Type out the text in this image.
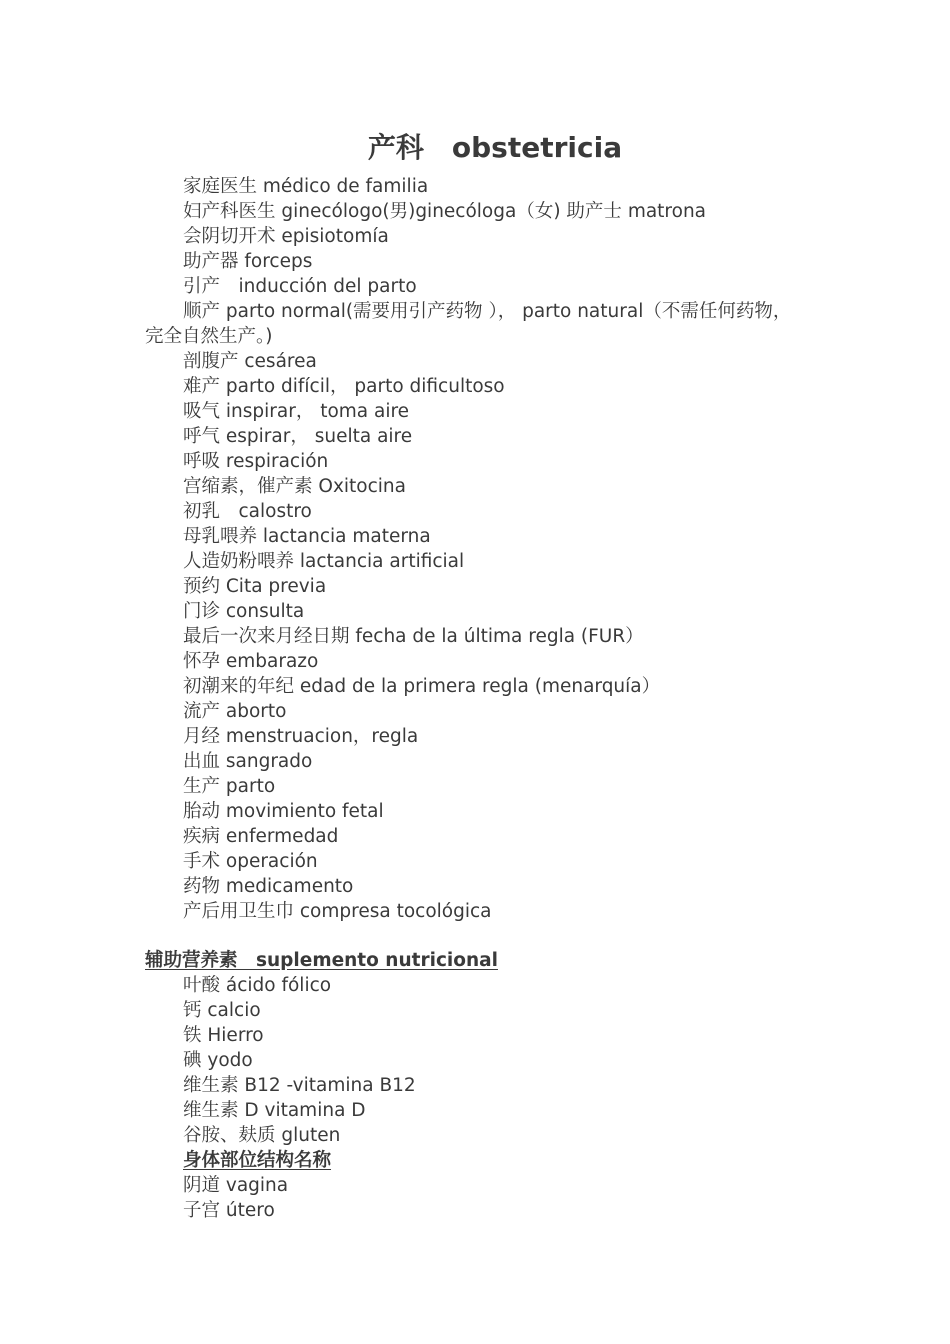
产科　obstetricia
家庭医生 médico de familia
妇产科医生 ginecólogo(男)ginecóloga（女) 助产士 matrona
会阴切开术 episiotomía
助产器 forceps
引产　inducción del parto
顺产 parto normal(需要用引产药物 ）， parto natural（不需任何药物，
完全自然生产。)
剖腹产 cesárea
难产 parto difícil， parto dificultoso
吸气 inspirar， toma aire
呼气 espirar， suelta aire
呼吸 respiración
宫缩素，催产素 Oxitocina
初乳　calostro
母乳喂养 lactancia materna
人造奶粉喂养 lactancia artificial
预约 Cita previa
门诊 consulta
最后一次来月经日期 fecha de la última regla (FUR）
怀孕 embarazo
初潮来的年纪 edad de la primera regla (menarquía）
流产 aborto
月经 menstruacion，regla
出血 sangrado
生产 parto
胎动 movimiento fetal
疾病 enfermedad
手术 operación
药物 medicamento
产后用卫生巾 compresa tocológica
辅助营养素　suplemento nutricional
叶酸 ácido fólico
钙 calcio
铁 Hierro
碘 yodo
维生素 B12 -vitamina B12
维生素 D vitamina D
谷胺、麸质 gluten
身体部位结构名称
阴道 vagina
子宫 útero
